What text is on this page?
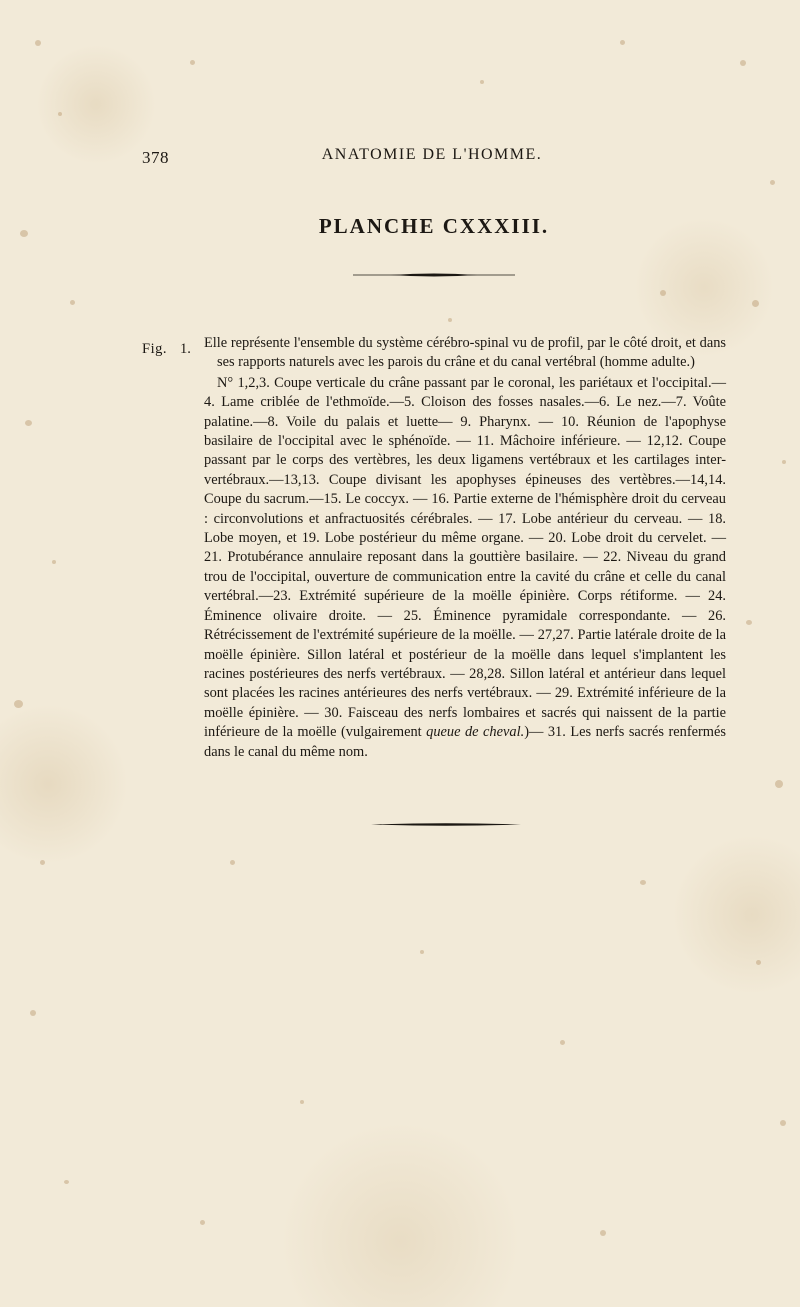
378	ANATOMIE DE L'HOMME.
PLANCHE CXXXIII.
Fig. 1. Elle représente l'ensemble du système cérébro-spinal vu de profil, par le côté droit, et dans ses rapports naturels avec les parois du crâne et du canal vertébral (homme adulte.)

N° 1,2,3. Coupe verticale du crâne passant par le coronal, les pariétaux et l'occipital.— 4. Lame criblée de l'ethmoïde.—5. Cloison des fosses nasales.—6. Le nez.—7. Voûte palatine.—8. Voile du palais et luette— 9. Pharynx. — 10. Réunion de l'apophyse basilaire de l'occipital avec le sphénoïde. — 11. Mâchoire inférieure. — 12,12. Coupe passant par le corps des vertèbres, les deux ligamens vertébraux et les cartilages inter-vertébraux.—13,13. Coupe divisant les apophyses épineuses des vertèbres.—14,14. Coupe du sacrum.—15. Le coccyx. — 16. Partie externe de l'hémisphère droit du cerveau : circonvolutions et anfractuosités cérébrales. — 17. Lobe antérieur du cerveau. — 18. Lobe moyen, et 19. Lobe postérieur du même organe. — 20. Lobe droit du cervelet. — 21. Protubérance annulaire reposant dans la gouttière basilaire. — 22. Niveau du grand trou de l'occipital, ouverture de communication entre la cavité du crâne et celle du canal vertébral.—23. Extrémité supérieure de la moëlle épinière. Corps rétiforme. — 24. Éminence olivaire droite. — 25. Éminence pyramidale correspondante. — 26. Rétrécissement de l'extrémité supérieure de la moëlle. — 27,27. Partie latérale droite de la moëlle épinière. Sillon latéral et postérieur de la moëlle dans lequel s'implantent les racines postérieures des nerfs vertébraux. — 28,28. Sillon latéral et antérieur dans lequel sont placées les racines antérieures des nerfs vertébraux. — 29. Extrémité inférieure de la moëlle épinière. — 30. Faisceau des nerfs lombaires et sacrés qui naissent de la partie inférieure de la moëlle (vulgairement queue de cheval.)— 31. Les nerfs sacrés renfermés dans le canal du même nom.
